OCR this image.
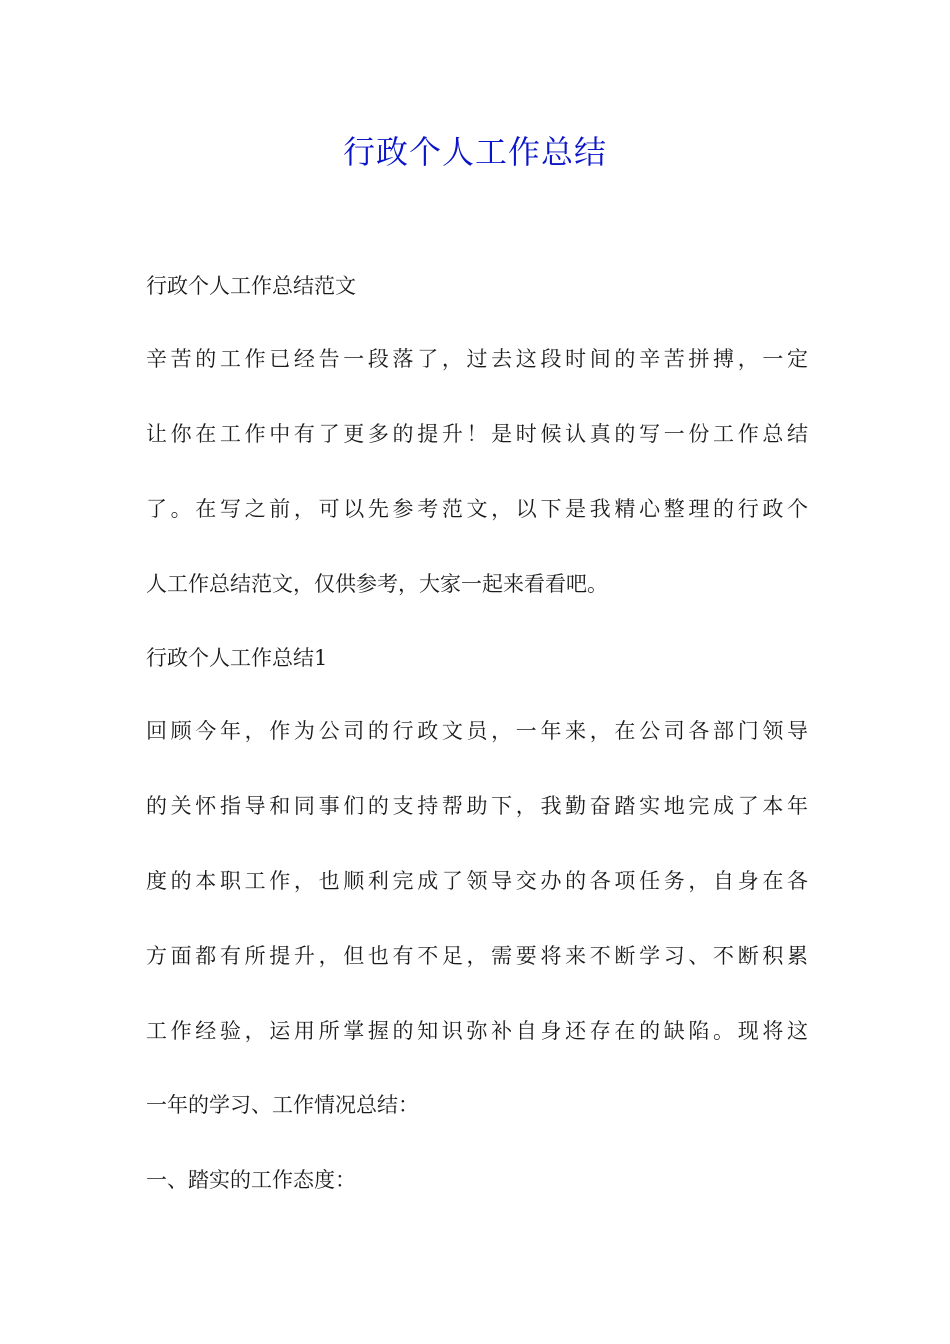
行政个人工作总结

行政个人工作总结范文

辛苦的工作已经告一段落了，过去这段时间的辛苦拼搏，一定

让你在工作中有了更多的提升！是时候认真的写一份工作总结

了。在写之前，可以先参考范文，以下是我精心整理的行政个

人工作总结范文，仅供参考，大家一起来看看吧。

行政个人工作总结1

回顾今年，作为公司的行政文员，一年来，在公司各部门领导

的关怀指导和同事们的支持帮助下，我勤奋踏实地完成了本年

度的本职工作，也顺利完成了领导交办的各项任务，自身在各

方面都有所提升，但也有不足，需要将来不断学习、不断积累

工作经验，运用所掌握的知识弥补自身还存在的缺陷。现将这

一年的学习、工作情况总结：

一、踏实的工作态度：
